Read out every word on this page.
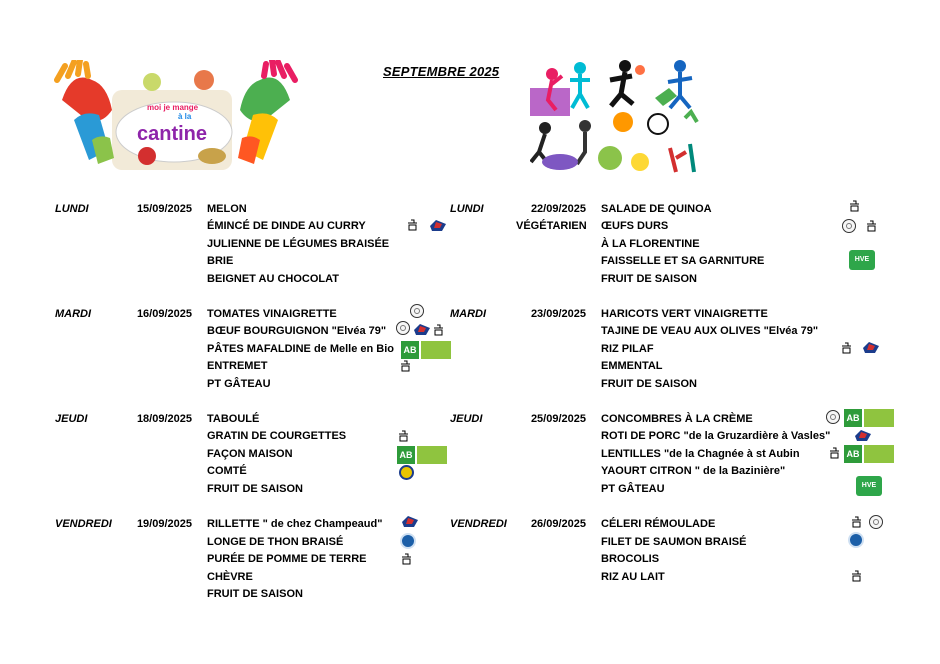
SEPTEMBRE 2025
moi je mange
à la
cantine
LUNDI	15/09/2025 MELON
ÉMINCÉ DE DINDE AU CURRY
JULIENNE DE LÉGUMES BRAISÉE
BRIE
BEIGNET AU CHOCOLAT
MARDI	16/09/2025 TOMATES VINAIGRETTE
BŒUF BOURGUIGNON "Elvéa 79"
PÂTES MAFALDINE de Melle en Bio
ENTREMET
PT GÂTEAU
JEUDI	18/09/2025 TABOULÉ
GRATIN DE COURGETTES
FAÇON MAISON
COMTÉ
FRUIT DE SAISON
VENDREDI	19/09/2025 RILLETTE " de chez Champeaud"
LONGE DE THON BRAISÉ
PURÉE DE POMME DE TERRE
CHÈVRE
FRUIT DE SAISON
LUNDI	22/09/2025
VÉGÉTARIEN
SALADE DE QUINOA
ŒUFS DURS
À LA FLORENTINE
FAISSELLE ET SA GARNITURE
FRUIT DE SAISON
MARDI	23/09/2025 HARICOTS VERT VINAIGRETTE
TAJINE DE VEAU AUX OLIVES "Elvéa 79"
RIZ PILAF
EMMENTAL
FRUIT DE SAISON
JEUDI	25/09/2025 CONCOMBRES À LA CRÈME
ROTI DE PORC "de la Gruzardière à Vasles"
LENTILLES "de la Chagnée à st Aubin
YAOURT CITRON " de la Bazinière"
PT GÂTEAU
VENDREDI	26/09/2025 CÉLERI RÉMOULADE
FILET DE SAUMON BRAISÉ
BROCOLIS
RIZ AU LAIT
AB
AB
HVE
AB
AB
HVE
